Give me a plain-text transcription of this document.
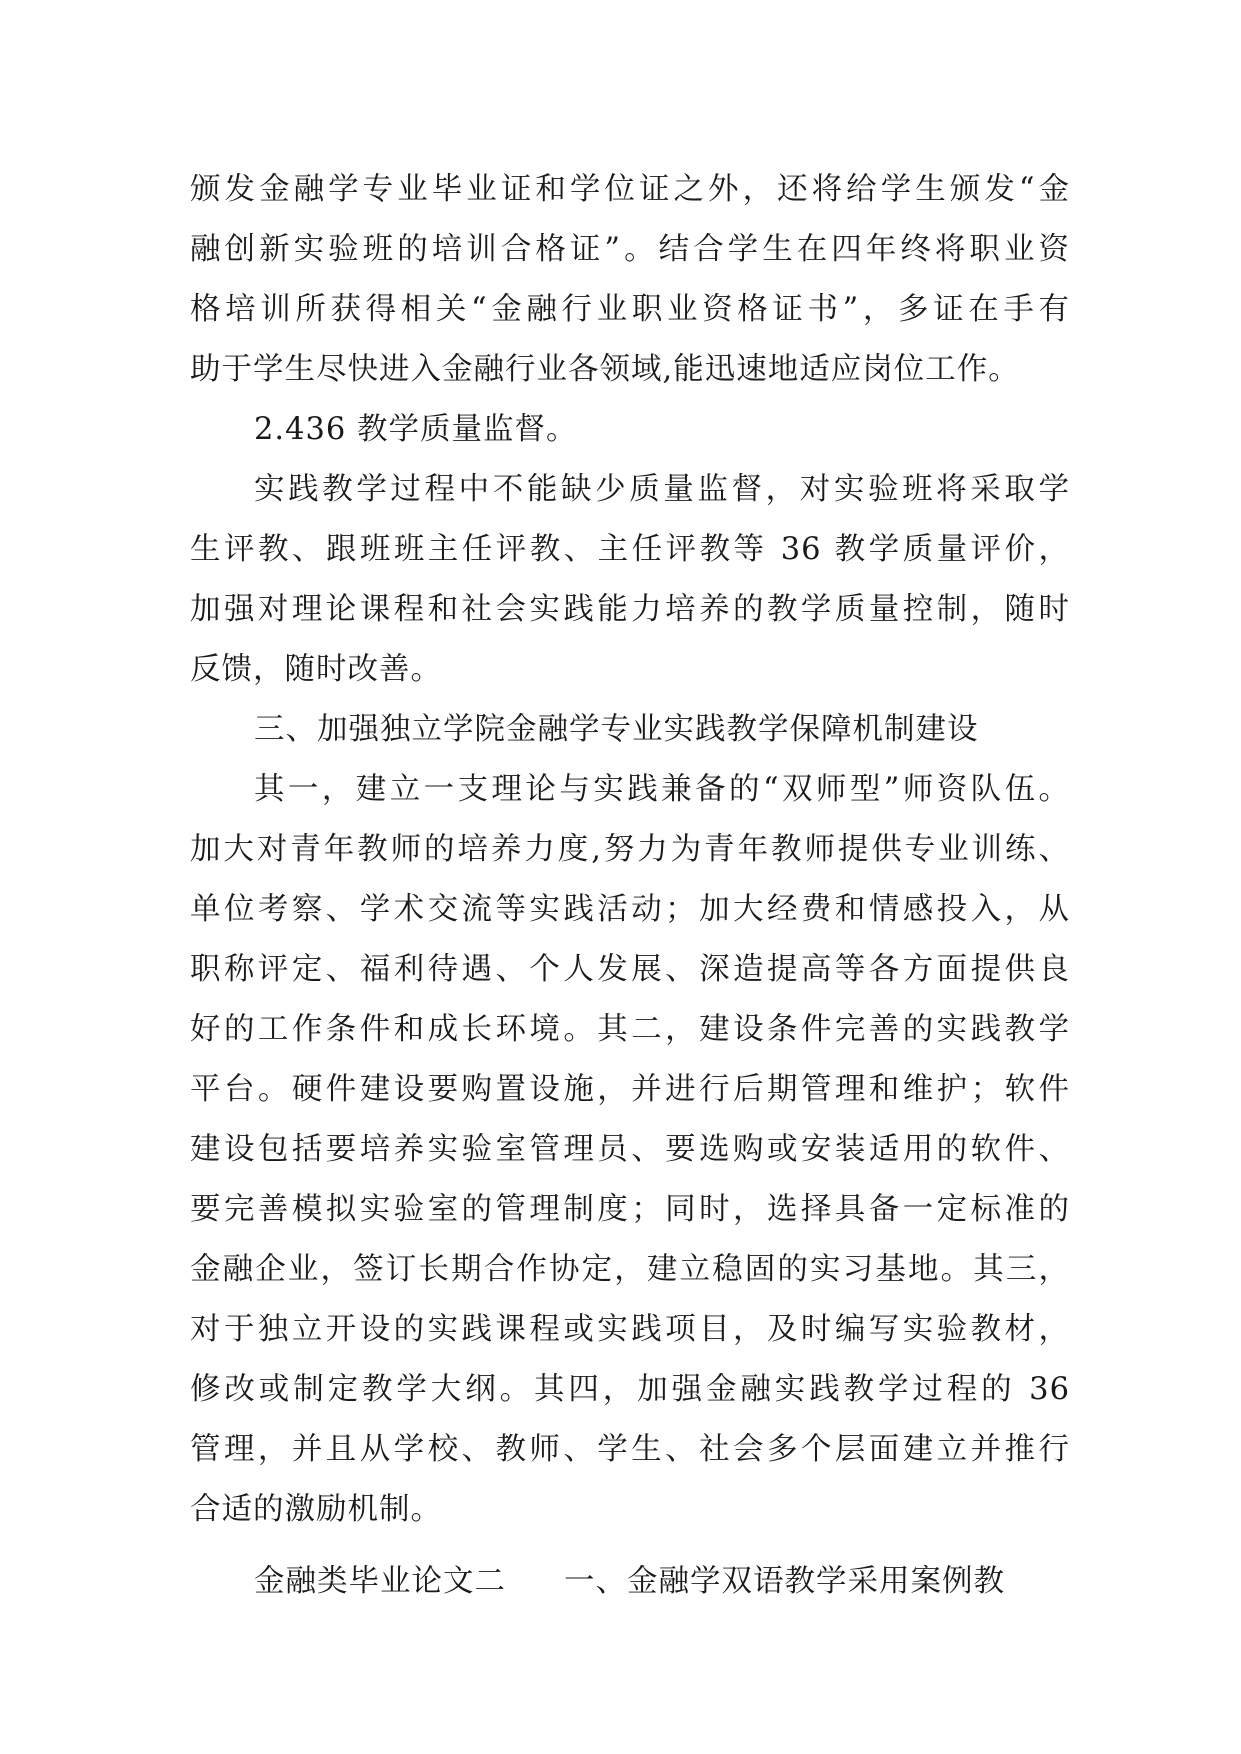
颁发金融学专业毕业证和学位证之外，还将给学生颁发“金
融创新实验班的培训合格证”。结合学生在四年终将职业资
格培训所获得相关“金融行业职业资格证书”，多证在手有
助于学生尽快进入金融行业各领域,能迅速地适应岗位工作。
2.436 教学质量监督。
实践教学过程中不能缺少质量监督，对实验班将采取学
生评教、跟班班主任评教、主任评教等 36 教学质量评价，
加强对理论课程和社会实践能力培养的教学质量控制，随时
反馈，随时改善。
三、加强独立学院金融学专业实践教学保障机制建设
其一，建立一支理论与实践兼备的“双师型”师资队伍。
加大对青年教师的培养力度,努力为青年教师提供专业训练、
单位考察、学术交流等实践活动；加大经费和情感投入，从
职称评定、福利待遇、个人发展、深造提高等各方面提供良
好的工作条件和成长环境。其二，建设条件完善的实践教学
平台。硬件建设要购置设施，并进行后期管理和维护；软件
建设包括要培养实验室管理员、要选购或安装适用的软件、
要完善模拟实验室的管理制度；同时，选择具备一定标准的
金融企业，签订长期合作协定，建立稳固的实习基地。其三，
对于独立开设的实践课程或实践项目，及时编写实验教材，
修改或制定教学大纲。其四，加强金融实践教学过程的 36
管理，并且从学校、教师、学生、社会多个层面建立并推行
合适的激励机制。
金融类毕业论文二 一、金融学双语教学采用案例教
